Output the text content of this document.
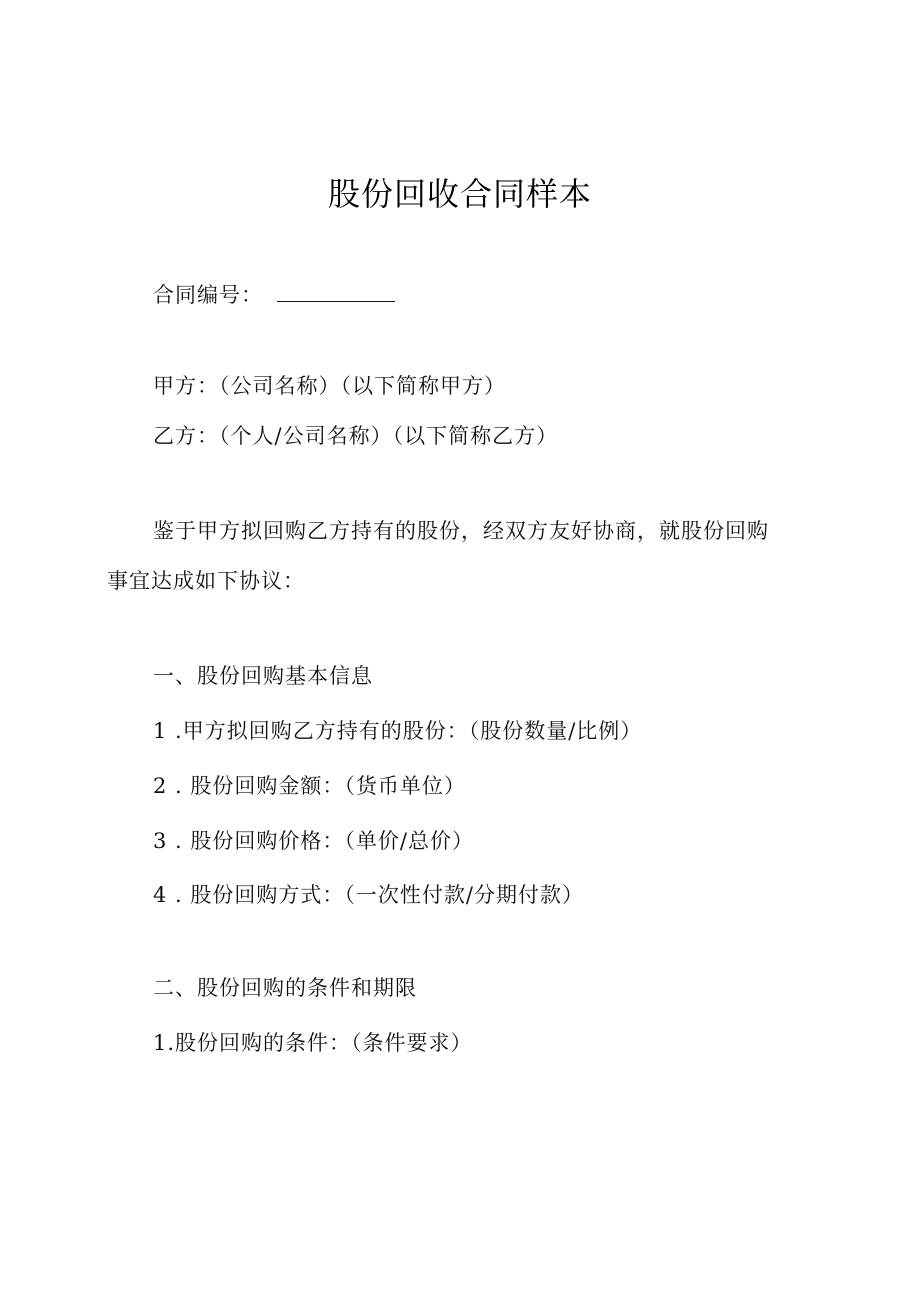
股份回收合同样本
合同编号：
甲方：（公司名称）（以下简称甲方）
乙方：（个人/公司名称）（以下简称乙方）
鉴于甲方拟回购乙方持有的股份，经双方友好协商，就股份回购
事宜达成如下协议：
一、股份回购基本信息
1 .甲方拟回购乙方持有的股份：（股份数量/比例）
2 . 股份回购金额：（货币单位）
3 . 股份回购价格：（单价/总价）
4 . 股份回购方式：（一次性付款/分期付款）
二、股份回购的条件和期限
1.股份回购的条件：（条件要求）
